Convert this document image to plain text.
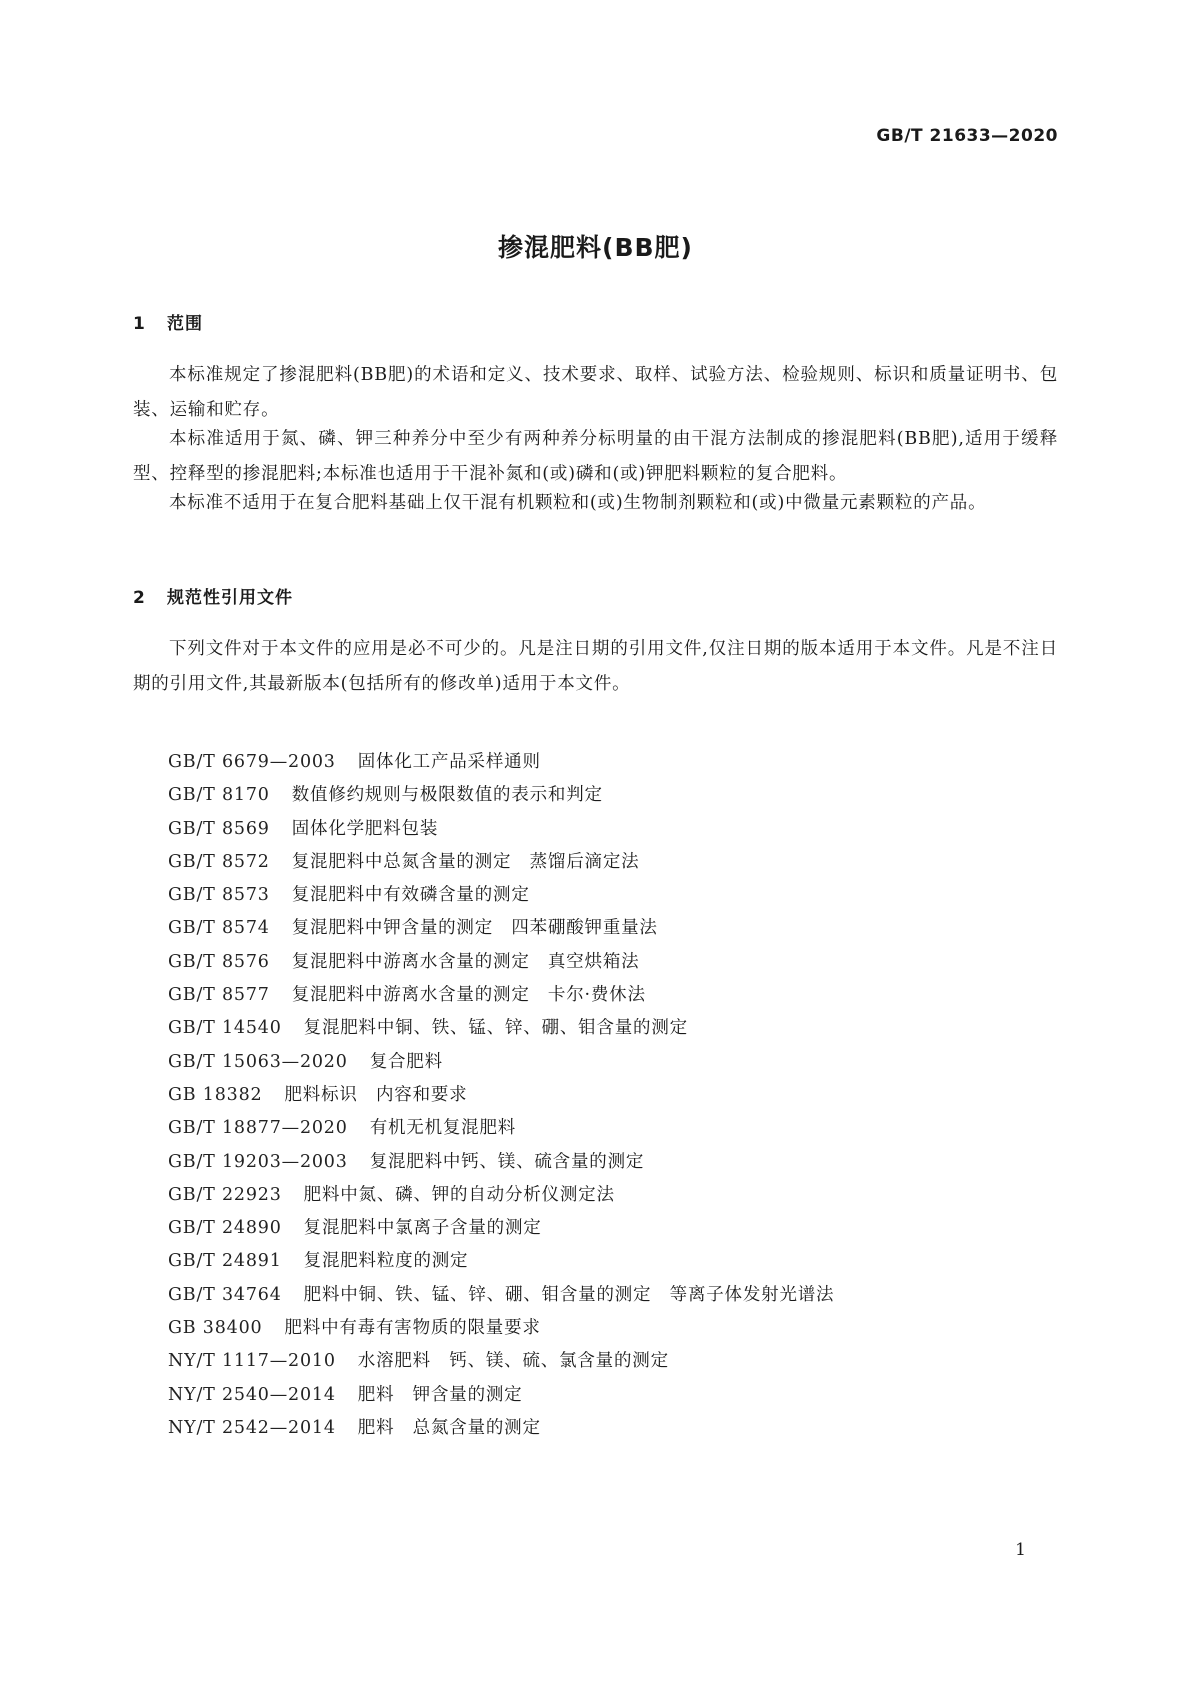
GB/T 21633—2020
掺混肥料(BB肥)
1 范围

本标准规定了掺混肥料(BB肥)的术语和定义、技术要求、取样、试验方法、检验规则、标识和质量证明书、包装、运输和贮存。

本标准适用于氮、磷、钾三种养分中至少有两种养分标明量的由干混方法制成的掺混肥料(BB肥),适用于缓释型、控释型的掺混肥料;本标准也适用于干混补氮和(或)磷和(或)钾肥料颗粒的复合肥料。

本标准不适用于在复合肥料基础上仅干混有机颗粒和(或)生物制剂颗粒和(或)中微量元素颗粒的产品。

2 规范性引用文件

下列文件对于本文件的应用是必不可少的。凡是注日期的引用文件,仅注日期的版本适用于本文件。凡是不注日期的引用文件,其最新版本(包括所有的修改单)适用于本文件。

GB/T 6679—2003 固体化工产品采样通则
GB/T 8170 数值修约规则与极限数值的表示和判定
GB/T 8569 固体化学肥料包装
GB/T 8572 复混肥料中总氮含量的测定　蒸馏后滴定法
GB/T 8573 复混肥料中有效磷含量的测定
GB/T 8574 复混肥料中钾含量的测定　四苯硼酸钾重量法
GB/T 8576 复混肥料中游离水含量的测定　真空烘箱法
GB/T 8577 复混肥料中游离水含量的测定　卡尔·费休法
GB/T 14540 复混肥料中铜、铁、锰、锌、硼、钼含量的测定
GB/T 15063—2020 复合肥料
GB 18382 肥料标识　内容和要求
GB/T 18877—2020 有机无机复混肥料
GB/T 19203—2003 复混肥料中钙、镁、硫含量的测定
GB/T 22923 肥料中氮、磷、钾的自动分析仪测定法
GB/T 24890 复混肥料中氯离子含量的测定
GB/T 24891 复混肥料粒度的测定
GB/T 34764 肥料中铜、铁、锰、锌、硼、钼含量的测定　等离子体发射光谱法
GB 38400 肥料中有毒有害物质的限量要求
NY/T 1117—2010 水溶肥料　钙、镁、硫、氯含量的测定
NY/T 2540—2014 肥料　钾含量的测定
NY/T 2542—2014 肥料　总氮含量的测定
1
